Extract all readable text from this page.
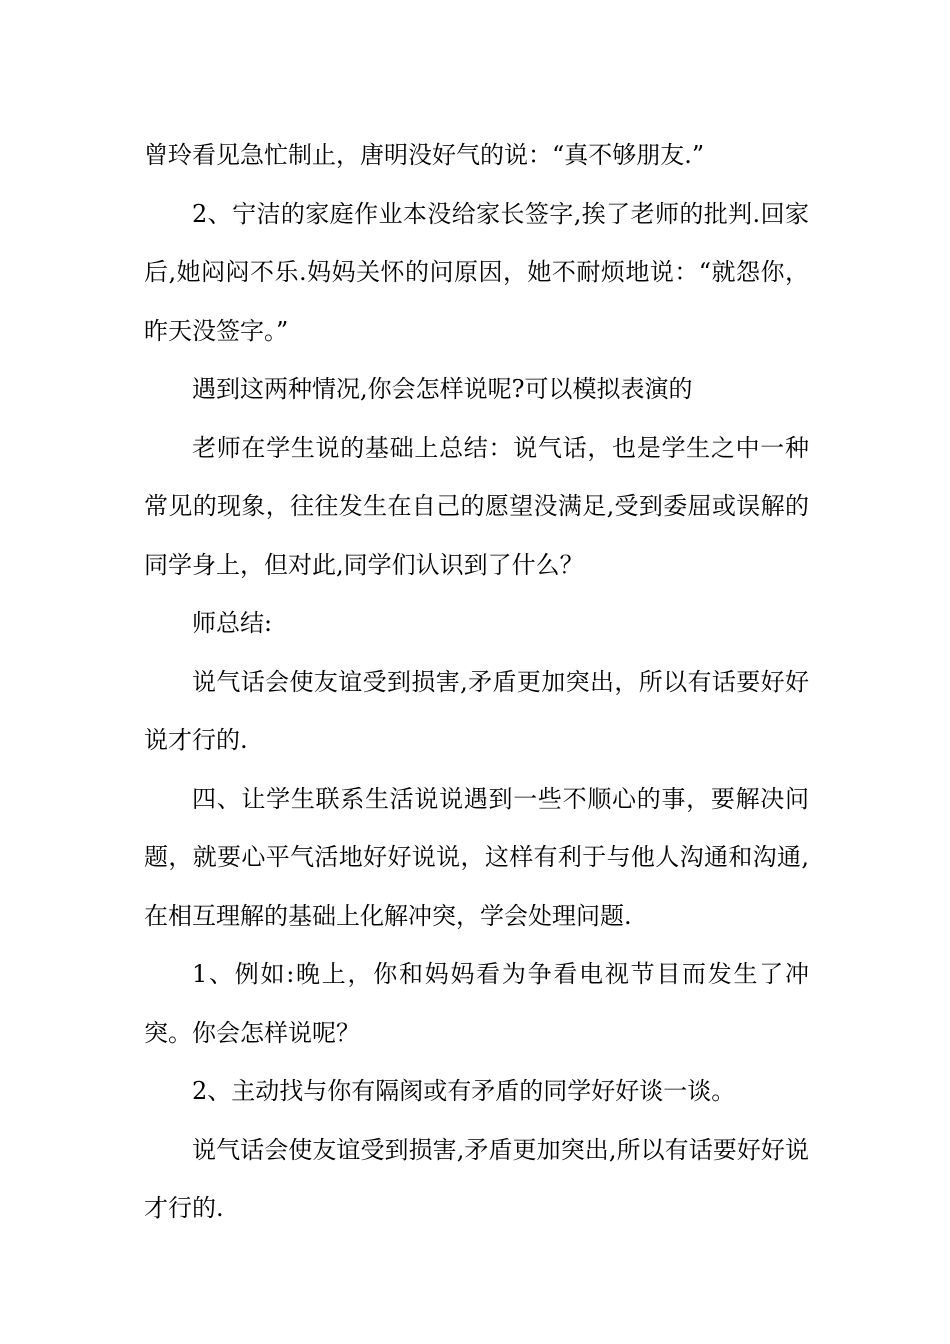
曾玲看见急忙制止，唐明没好气的说：“真不够朋友.”

2、宁洁的家庭作业本没给家长签字,挨了老师的批判.回家后,她闷闷不乐.妈妈关怀的问原因，她不耐烦地说：“就怨你，昨天没签字。”

遇到这两种情况,你会怎样说呢?可以模拟表演的

老师在学生说的基础上总结：说气话，也是学生之中一种常见的现象，往往发生在自己的愿望没满足,受到委屈或误解的同学身上，但对此,同学们认识到了什么？

师总结:

说气话会使友谊受到损害,矛盾更加突出，所以有话要好好说才行的.

四、让学生联系生活说说遇到一些不顺心的事，要解决问题，就要心平气活地好好说说，这样有利于与他人沟通和沟通,在相互理解的基础上化解冲突，学会处理问题.

1、例如:晚上，你和妈妈看为争看电视节目而发生了冲突。你会怎样说呢？

2、主动找与你有隔阂或有矛盾的同学好好谈一谈。

说气话会使友谊受到损害,矛盾更加突出,所以有话要好好说才行的.
